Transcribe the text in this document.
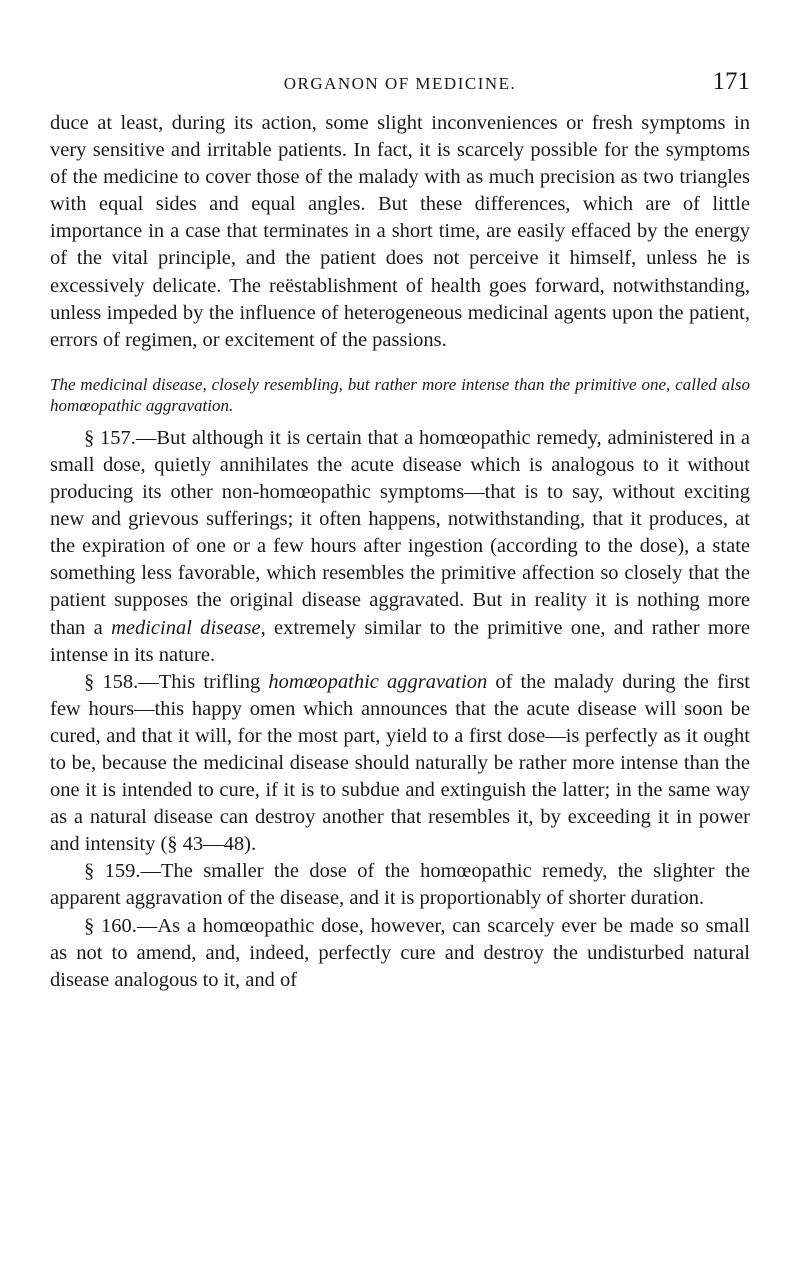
ORGANON OF MEDICINE.	171

duce at least, during its action, some slight inconveniences or fresh symptoms in very sensitive and irritable patients. In fact, it is scarcely possible for the symptoms of the medicine to cover those of the malady with as much precision as two triangles with equal sides and equal angles. But these differences, which are of little importance in a case that terminates in a short time, are easily effaced by the energy of the vital principle, and the patient does not perceive it himself, unless he is excessively delicate. The reëstablishment of health goes forward, notwithstanding, unless impeded by the influence of heterogeneous medicinal agents upon the patient, errors of regimen, or excitement of the passions.

The medicinal disease, closely resembling, but rather more intense than the primitive one, called also homœopathic aggravation.

§ 157.—But although it is certain that a homœopathic remedy, administered in a small dose, quietly annihilates the acute disease which is analogous to it without producing its other non-homœopathic symptoms—that is to say, without exciting new and grievous sufferings; it often happens, notwithstanding, that it produces, at the expiration of one or a few hours after ingestion (according to the dose), a state something less favorable, which resembles the primitive affection so closely that the patient supposes the original disease aggravated. But in reality it is nothing more than a medicinal disease, extremely similar to the primitive one, and rather more intense in its nature.

§ 158.—This trifling homœopathic aggravation of the malady during the first few hours—this happy omen which announces that the acute disease will soon be cured, and that it will, for the most part, yield to a first dose—is perfectly as it ought to be, because the medicinal disease should naturally be rather more intense than the one it is intended to cure, if it is to subdue and extinguish the latter; in the same way as a natural disease can destroy another that resembles it, by exceeding it in power and intensity (§ 43—48).

§ 159.—The smaller the dose of the homœopathic remedy, the slighter the apparent aggravation of the disease, and it is proportionably of shorter duration.

§ 160.—As a homœopathic dose, however, can scarcely ever be made so small as not to amend, and, indeed, perfectly cure and destroy the undisturbed natural disease analogous to it, and of
